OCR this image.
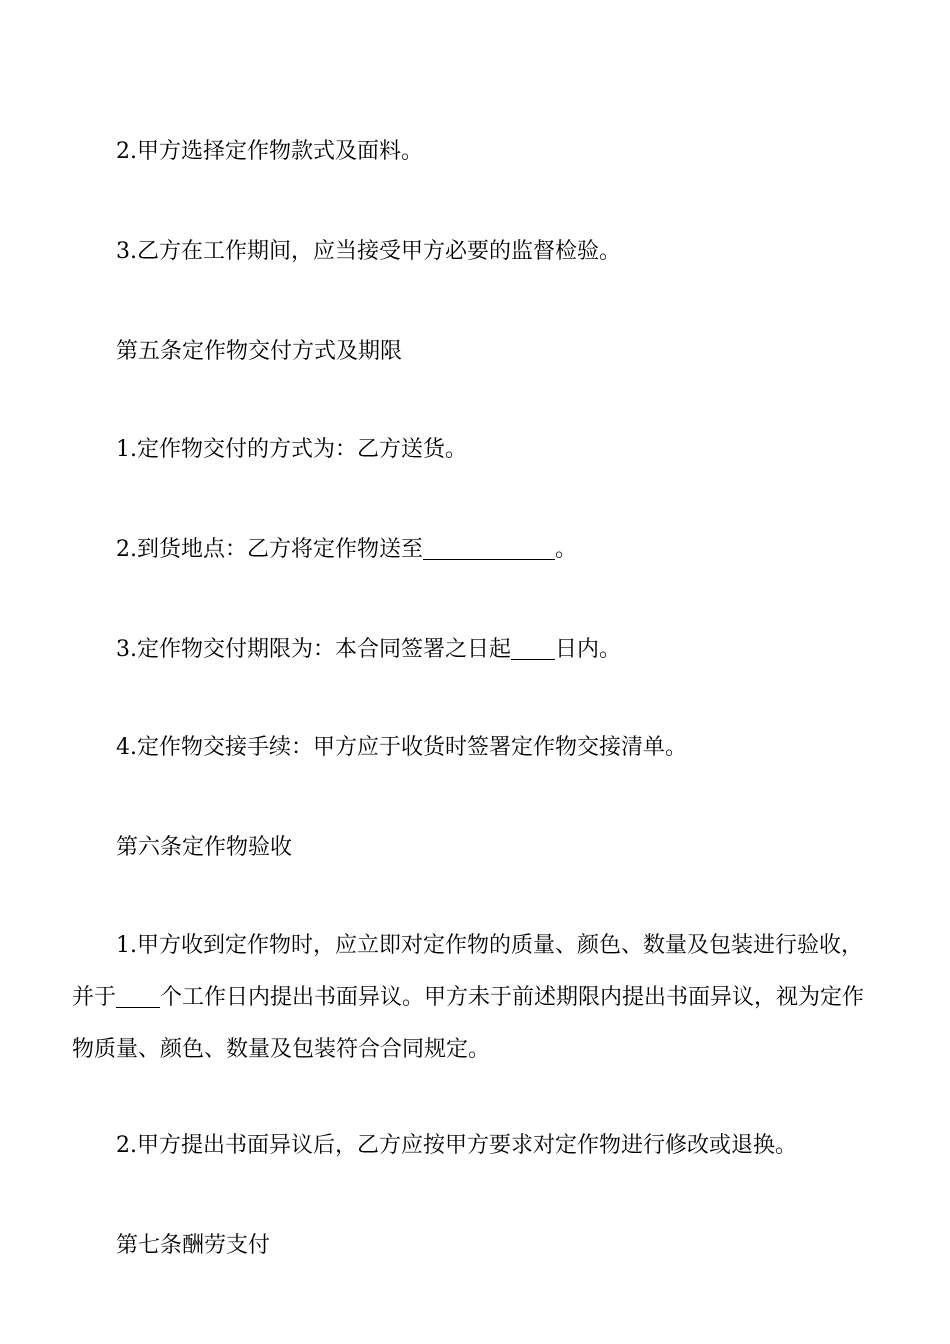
2.甲方选择定作物款式及面料。

3.乙方在工作期间，应当接受甲方必要的监督检验。

第五条定作物交付方式及期限

1.定作物交付的方式为：乙方送货。

2.到货地点：乙方将定作物送至	。

3.定作物交付期限为：本合同签署之日起 日内。

4.定作物交接手续：甲方应于收货时签署定作物交接清单。

第六条定作物验收

1.甲方收到定作物时，应立即对定作物的质量、颜色、数量及包装进行验收，并于 个工作日内提出书面异议。甲方未于前述期限内提出书面异议，视为定作物质量、颜色、数量及包装符合合同规定。

2.甲方提出书面异议后，乙方应按甲方要求对定作物进行修改或退换。

第七条酬劳支付
